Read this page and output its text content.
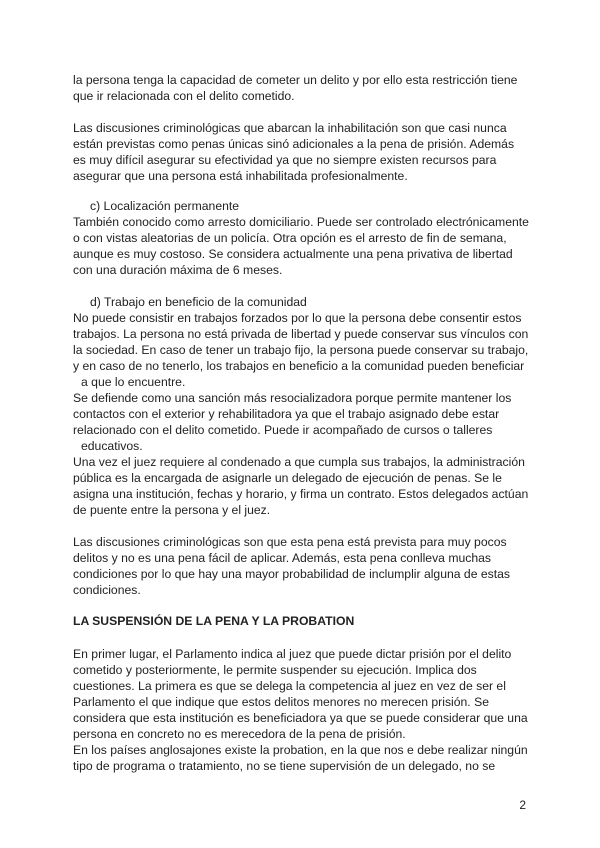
la persona tenga la capacidad de cometer un delito y por ello esta restricción tiene
que ir relacionada con el delito cometido.
Las discusiones criminológicas que abarcan la inhabilitación son que casi nunca
están previstas como penas únicas sinó adicionales a la pena de prisión. Además
es muy difícil asegurar su efectividad ya que no siempre existen recursos para
asegurar que una persona está inhabilitada profesionalmente.
c) Localización permanente
También conocido como arresto domiciliario. Puede ser controlado electrónicamente
o con vistas aleatorias de un policía. Otra opción es el arresto de fin de semana,
aunque es muy costoso. Se considera actualmente una pena privativa de libertad
con una duración máxima de 6 meses.
d) Trabajo en beneficio de la comunidad
No puede consistir en trabajos forzados por lo que la persona debe consentir estos
trabajos. La persona no está privada de libertad y puede conservar sus vínculos con
la sociedad. En caso de tener un trabajo fijo, la persona puede conservar su trabajo,
y en caso de no tenerlo, los trabajos en beneficio a la comunidad pueden beneficiar
a que lo encuentre.
Se defiende como una sanción más resocializadora porque permite mantener los
contactos con el exterior y rehabilitadora ya que el trabajo asignado debe estar
relacionado con el delito cometido. Puede ir acompañado de cursos o talleres
educativos.
Una vez el juez requiere al condenado a que cumpla sus trabajos, la administración
pública es la encargada de asignarle un delegado de ejecución de penas. Se le
asigna una institución, fechas y horario, y firma un contrato. Estos delegados actúan
de puente entre la persona y el juez.
Las discusiones criminológicas son que esta pena está prevista para muy pocos
delitos y no es una pena fácil de aplicar. Además, esta pena conlleva muchas
condiciones por lo que hay una mayor probabilidad de inclumplir alguna de estas
condiciones.
LA SUSPENSIÓN DE LA PENA Y LA PROBATION
En primer lugar, el Parlamento indica al juez que puede dictar prisión por el delito
cometido y posteriormente, le permite suspender su ejecución. Implica dos
cuestiones. La primera es que se delega la competencia al juez en vez de ser el
Parlamento el que indique que estos delitos menores no merecen prisión. Se
considera que esta institución es beneficiadora ya que se puede considerar que una
persona en concreto no es merecedora de la pena de prisión.
En los países anglosajones existe la probation, en la que nos e debe realizar ningún
tipo de programa o tratamiento, no se tiene supervisión de un delegado, no se
2
